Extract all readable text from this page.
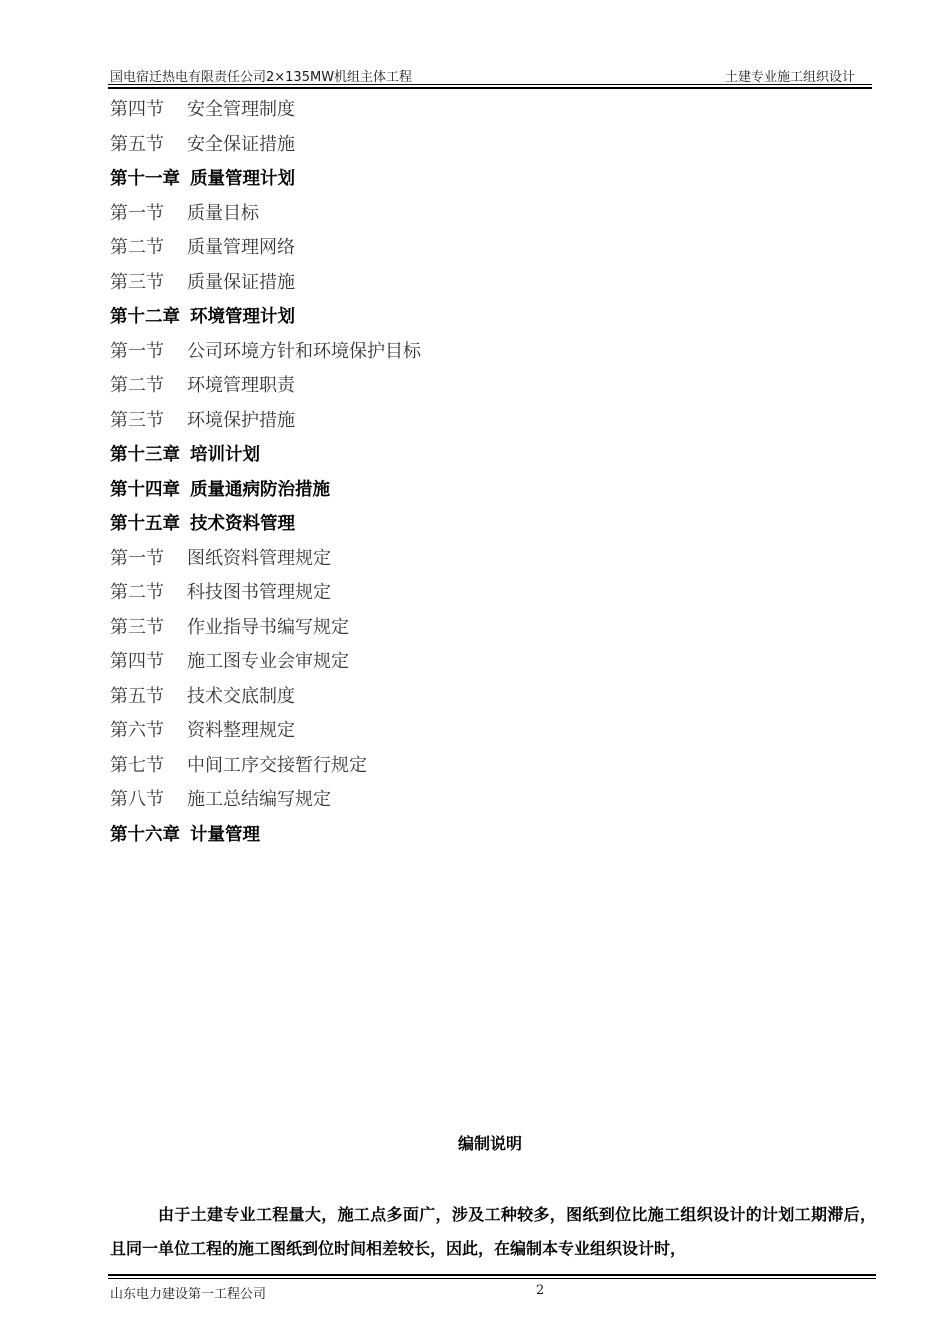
国电宿迁热电有限责任公司2×135MW机组主体工程	土建专业施工组织设计
第四节 安全管理制度
第五节 安全保证措施
第十一章 质量管理计划
第一节 质量目标
第二节 质量管理网络
第三节 质量保证措施
第十二章 环境管理计划
第一节 公司环境方针和环境保护目标
第二节 环境管理职责
第三节 环境保护措施
第十三章 培训计划
第十四章 质量通病防治措施
第十五章 技术资料管理
第一节 图纸资料管理规定
第二节 科技图书管理规定
第三节 作业指导书编写规定
第四节 施工图专业会审规定
第五节 技术交底制度
第六节 资料整理规定
第七节 中间工序交接暂行规定
第八节 施工总结编写规定
第十六章 计量管理
编制说明
由于土建专业工程量大，施工点多面广，涉及工种较多，图纸到位比施工组织设计的计划工期滞后，且同一单位工程的施工图纸到位时间相差较长，因此，在编制本专业组织设计时，
山东电力建设第一工程公司	2
